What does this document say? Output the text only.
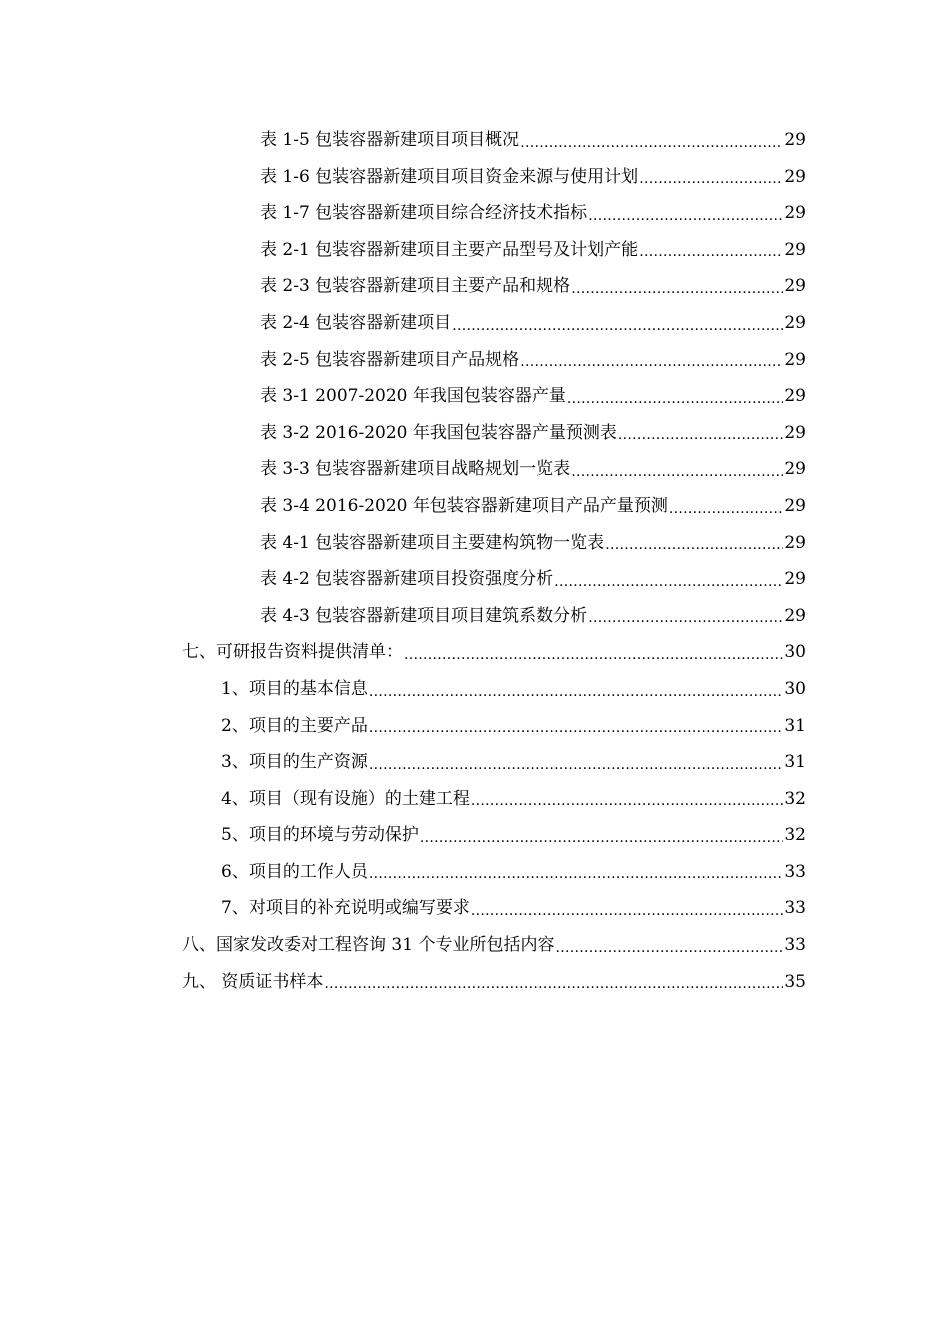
表 1-5 包装容器新建项目项目概况 .....	29
表 1-6 包装容器新建项目项目资金来源与使用计划 .....	29
表 1-7 包装容器新建项目综合经济技术指标 .....	29
表 2-1 包装容器新建项目主要产品型号及计划产能 .....	29
表 2-3 包装容器新建项目主要产品和规格 .....	29
表 2-4 包装容器新建项目 .....	29
表 2-5 包装容器新建项目产品规格 .....	29
表 3-1 2007-2020 年我国包装容器产量 .....	29
表 3-2 2016-2020 年我国包装容器产量预测表 .....	29
表 3-3 包装容器新建项目战略规划一览表 .....	29
表 3-4 2016-2020 年包装容器新建项目产品产量预测 .....	29
表 4-1 包装容器新建项目主要建构筑物一览表 .....	29
表 4-2 包装容器新建项目投资强度分析 .....	29
表 4-3 包装容器新建项目项目建筑系数分析 .....	29
七、可研报告资料提供清单： .....	30
1、项目的基本信息 .....	30
2、项目的主要产品 .....	31
3、项目的生产资源 .....	31
4、项目（现有设施）的土建工程 .....	32
5、项目的环境与劳动保护 .....	32
6、项目的工作人员 .....	33
7、对项目的补充说明或编写要求 .....	33
八、国家发改委对工程咨询 31 个专业所包括内容 .....	33
九、 资质证书样本 .....	35
